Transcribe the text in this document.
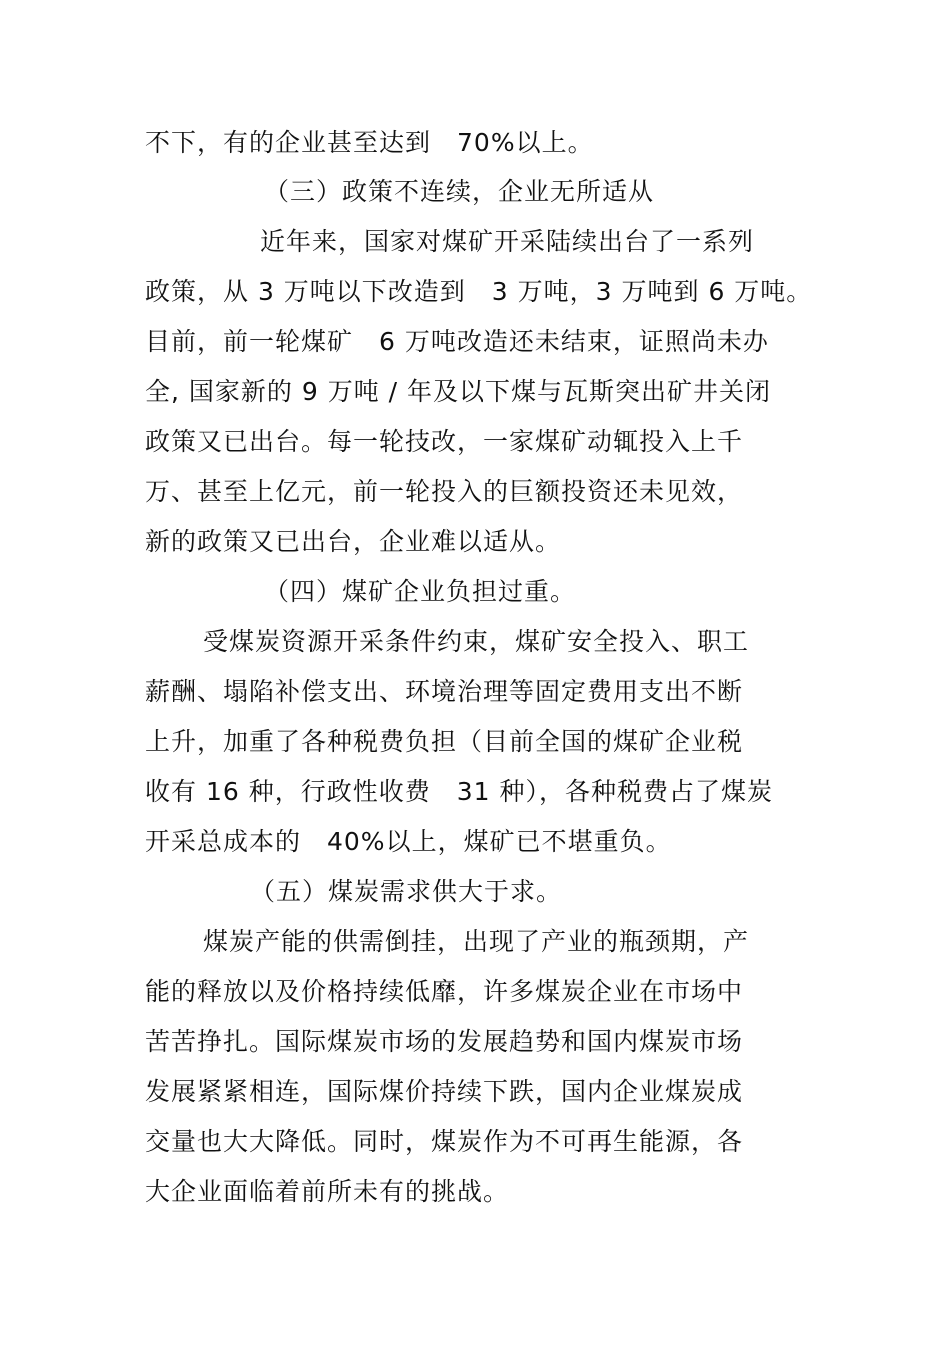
不下，有的企业甚至达到　70%以上。
（三）政策不连续，企业无所适从
近年来，国家对煤矿开采陆续出台了一系列
政策，从 3 万吨以下改造到　3 万吨，3 万吨到 6 万吨。
目前，前一轮煤矿　6 万吨改造还未结束，证照尚未办
全, 国家新的 9 万吨 / 年及以下煤与瓦斯突出矿井关闭
政策又已出台。每一轮技改，一家煤矿动辄投入上千
万、甚至上亿元，前一轮投入的巨额投资还未见效，
新的政策又已出台，企业难以适从。
（四）煤矿企业负担过重。
受煤炭资源开采条件约束，煤矿安全投入、职工
薪酬、塌陷补偿支出、环境治理等固定费用支出不断
上升，加重了各种税费负担（目前全国的煤矿企业税
收有 16 种，行政性收费　31 种），各种税费占了煤炭
开采总成本的　40%以上，煤矿已不堪重负。
（五）煤炭需求供大于求。
煤炭产能的供需倒挂，出现了产业的瓶颈期，产
能的释放以及价格持续低靡，许多煤炭企业在市场中
苦苦挣扎。国际煤炭市场的发展趋势和国内煤炭市场
发展紧紧相连，国际煤价持续下跌，国内企业煤炭成
交量也大大降低。同时，煤炭作为不可再生能源，各
大企业面临着前所未有的挑战。
